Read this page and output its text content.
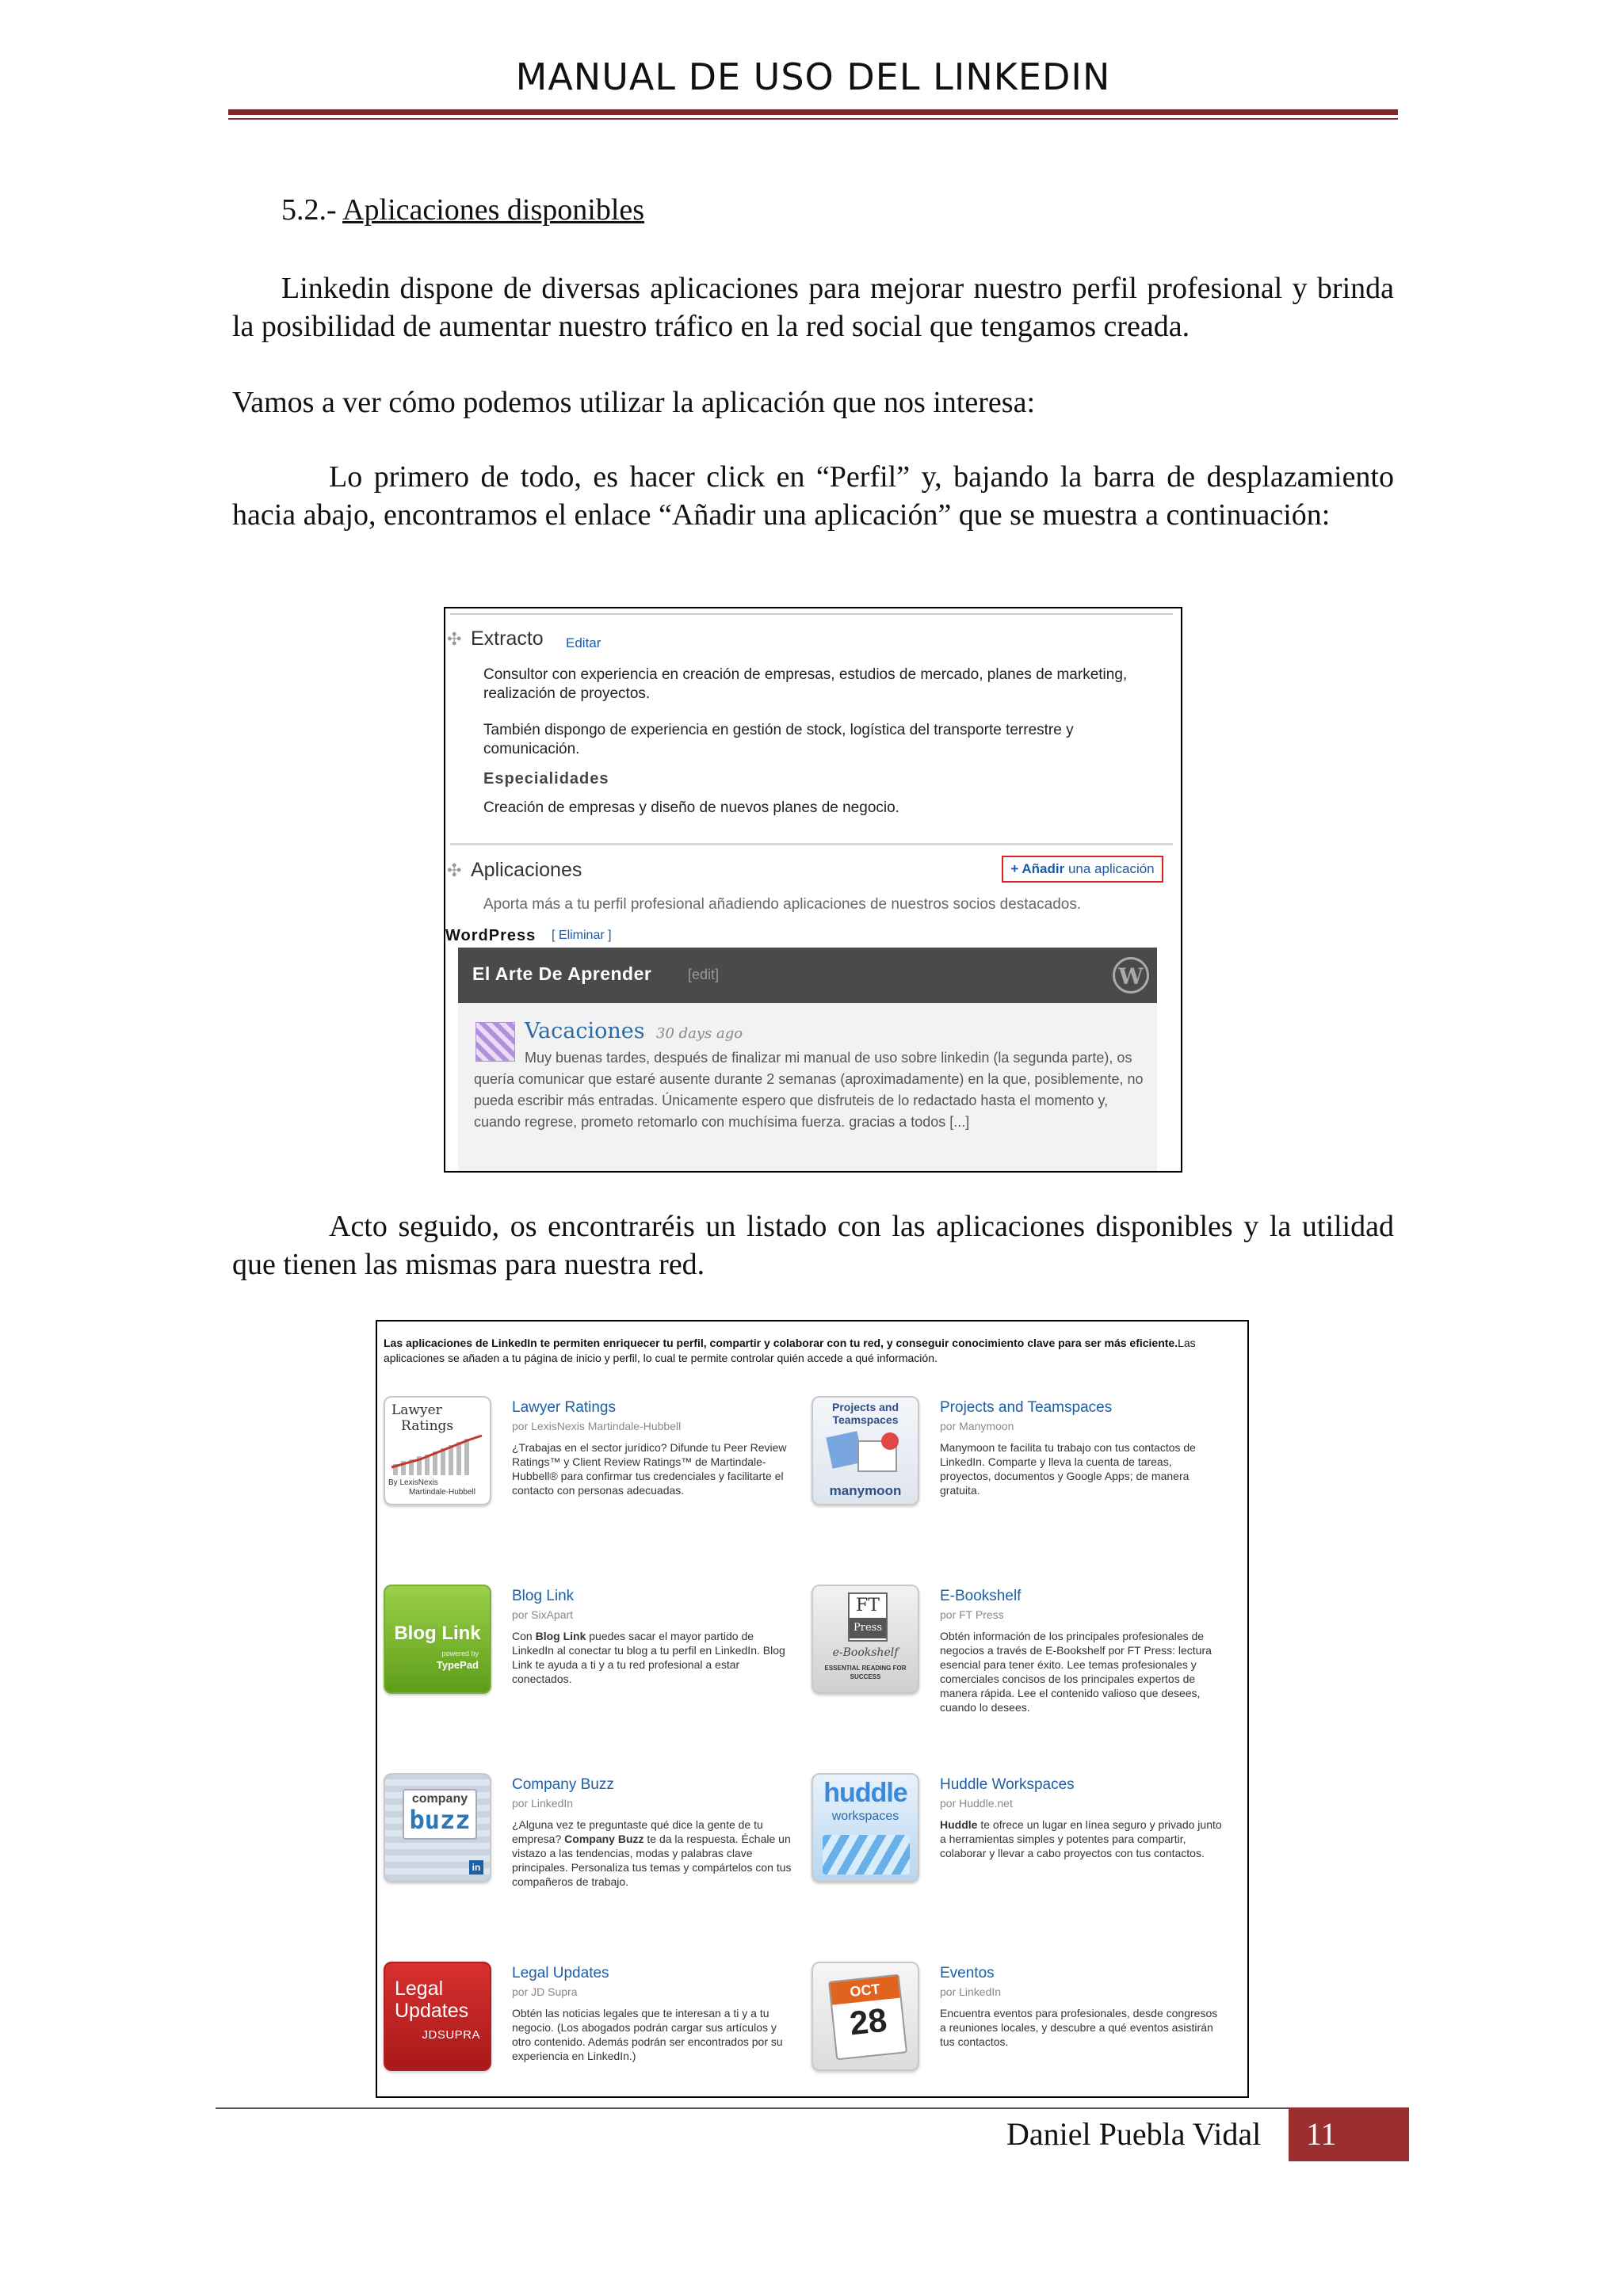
MANUAL DE USO DEL LINKEDIN
5.2.- Aplicaciones disponibles
Linkedin dispone de diversas aplicaciones para mejorar nuestro perfil profesional y brinda la posibilidad de aumentar nuestro tráfico en la red social que tengamos creada.
Vamos a ver cómo podemos utilizar la aplicación que nos interesa:
Lo primero de todo, es hacer click en “Perfil” y, bajando la barra de desplazamiento hacia abajo, encontramos el enlace “Añadir una aplicación” que se muestra a continuación:
✣ Extracto Editar
Consultor con experiencia en creación de empresas, estudios de mercado, planes de marketing, realización de proyectos.
También dispongo de experiencia en gestión de stock, logística del transporte terrestre y comunicación.
Especialidades
Creación de empresas y diseño de nuevos planes de negocio.
✣ Aplicaciones	+ Añadir una aplicación
Aporta más a tu perfil profesional añadiendo aplicaciones de nuestros socios destacados.
WordPress [ Eliminar ]
El Arte De Aprender	[edit]	W
Vacaciones 30 days ago
Muy buenas tardes, después de finalizar mi manual de uso sobre linkedin (la segunda parte), os quería comunicar que estaré ausente durante 2 semanas (aproximadamente) en la que, posiblemente, no pueda escribir más entradas. Únicamente espero que disfruteis de lo redactado hasta el momento y, cuando regrese, prometo retomarlo con muchísima fuerza. gracias a todos [...]
Acto seguido, os encontraréis un listado con las aplicaciones disponibles y la utilidad que tienen las mismas para nuestra red.
Las aplicaciones de LinkedIn te permiten enriquecer tu perfil, compartir y colaborar con tu red, y conseguir conocimiento clave para ser más eficiente.Las aplicaciones se añaden a tu página de inicio y perfil, lo cual te permite controlar quién accede a qué información.
Lawyer
Ratings
By LexisNexis
Martindale-Hubbell
Lawyer Ratings
por LexisNexis Martindale-Hubbell
¿Trabajas en el sector jurídico? Difunde tu Peer Review Ratings™ y Client Review Ratings™ de Martindale-Hubbell® para confirmar tus credenciales y facilitarte el contacto con personas adecuadas.
Projects and
Teamspaces
manymoon
Projects and Teamspaces
por Manymoon
Manymoon te facilita tu trabajo con tus contactos de LinkedIn. Comparte y lleva la cuenta de tareas, proyectos, documentos y Google Apps; de manera gratuita.
Blog Link
powered by
TypePad
Blog Link
por SixApart
Con Blog Link puedes sacar el mayor partido de LinkedIn al conectar tu blog a tu perfil en LinkedIn. Blog Link te ayuda a ti y a tu red profesional a estar conectados.
FT
Press
e-Bookshelf
ESSENTIAL READING FOR SUCCESS
E-Bookshelf
por FT Press
Obtén información de los principales profesionales de negocios a través de E-Bookshelf por FT Press: lectura esencial para tener éxito. Lee temas profesionales y comerciales concisos de los principales expertos de manera rápida. Lee el contenido valioso que desees, cuando lo desees.
company
buzz
in
Company Buzz
por LinkedIn
¿Alguna vez te preguntaste qué dice la gente de tu empresa? Company Buzz te da la respuesta. Échale un vistazo a las tendencias, modas y palabras clave principales. Personaliza tus temas y compártelos con tus compañeros de trabajo.
huddle
workspaces
Huddle Workspaces
por Huddle.net
Huddle te ofrece un lugar en línea seguro y privado junto a herramientas simples y potentes para compartir, colaborar y llevar a cabo proyectos con tus contactos.
Legal
Updates
JDSUPRA
Legal Updates
por JD Supra
Obtén las noticias legales que te interesan a ti y a tu negocio. (Los abogados podrán cargar sus artículos y otro contenido. Además podrán ser encontrados por su experiencia en LinkedIn.)
OCT
28
Eventos
por LinkedIn
Encuentra eventos para profesionales, desde congresos a reuniones locales, y descubre a qué eventos asistirán tus contactos.
Daniel Puebla Vidal	11
